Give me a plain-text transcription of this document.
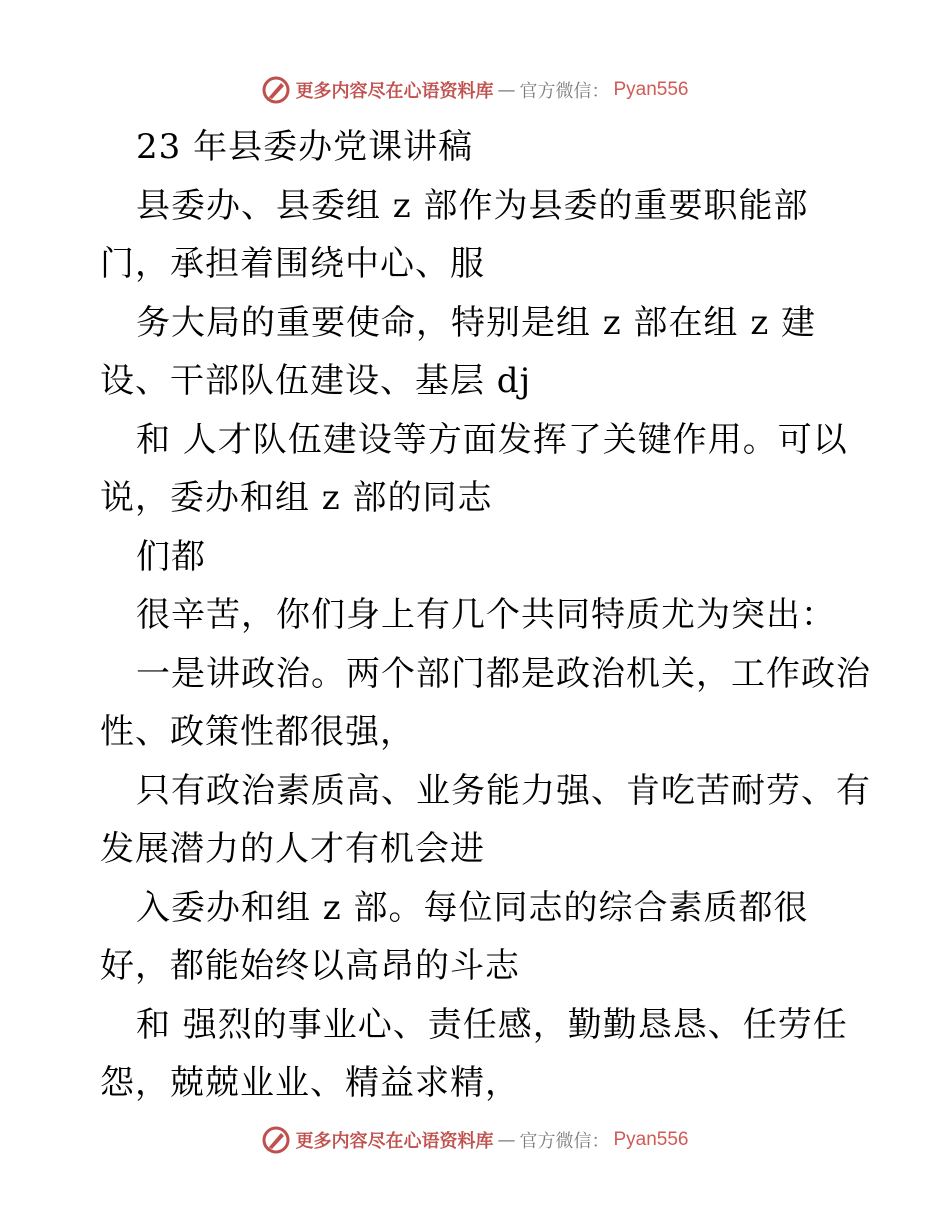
更多内容尽在心语资料库 — 官方微信： Pyan556
23 年县委办党课讲稿
县委办、县委组 z 部作为县委的重要职能部
门，承担着围绕中心、服
务大局的重要使命，特别是组 z 部在组 z 建
设、干部队伍建设、基层 dj
和 人才队伍建设等方面发挥了关键作用。可以
说，委办和组 z 部的同志
们都
很辛苦，你们身上有几个共同特质尤为突出：
一是讲政治。两个部门都是政治机关，工作政治
性、政策性都很强，
只有政治素质高、业务能力强、肯吃苦耐劳、有
发展潜力的人才有机会进
入委办和组 z 部。每位同志的综合素质都很
好，都能始终以高昂的斗志
和 强烈的事业心、责任感，勤勤恳恳、任劳任
怨，兢兢业业、精益求精，
更多内容尽在心语资料库 — 官方微信： Pyan556
